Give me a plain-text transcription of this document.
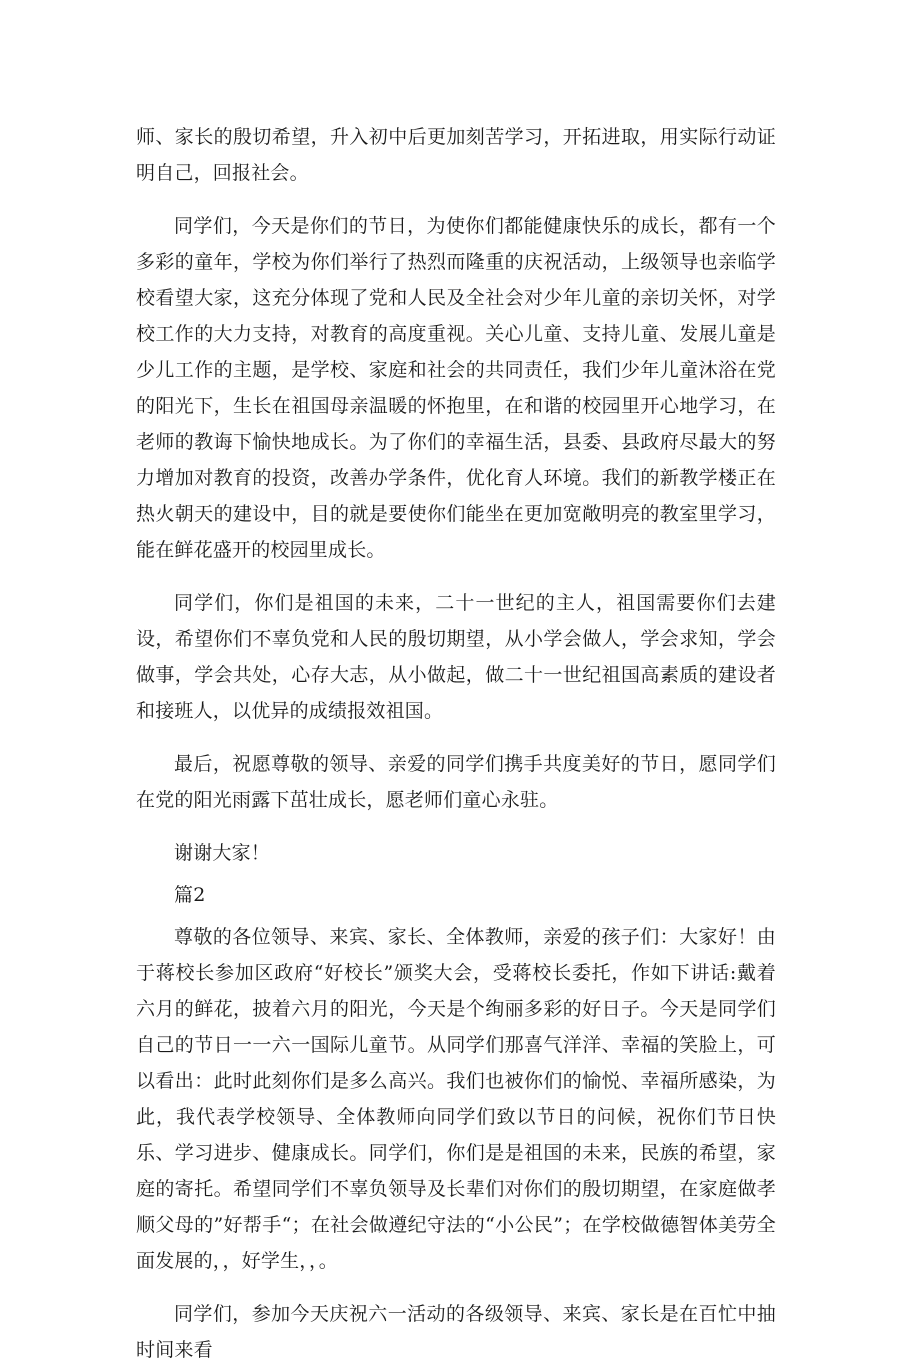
师、家长的殷切希望，升入初中后更加刻苦学习，开拓进取，用实际行动证明自己，回报社会。

同学们，今天是你们的节日，为使你们都能健康快乐的成长，都有一个多彩的童年，学校为你们举行了热烈而隆重的庆祝活动，上级领导也亲临学校看望大家，这充分体现了党和人民及全社会对少年儿童的亲切关怀，对学校工作的大力支持，对教育的高度重视。关心儿童、支持儿童、发展儿童是少儿工作的主题，是学校、家庭和社会的共同责任，我们少年儿童沐浴在党的阳光下，生长在祖国母亲温暖的怀抱里，在和谐的校园里开心地学习，在老师的教诲下愉快地成长。为了你们的幸福生活，县委、县政府尽最大的努力增加对教育的投资，改善办学条件，优化育人环境。我们的新教学楼正在热火朝天的建设中，目的就是要使你们能坐在更加宽敞明亮的教室里学习，能在鲜花盛开的校园里成长。

同学们，你们是祖国的未来，二十一世纪的主人，祖国需要你们去建设，希望你们不辜负党和人民的殷切期望，从小学会做人，学会求知，学会做事，学会共处，心存大志，从小做起，做二十一世纪祖国高素质的建设者和接班人，以优异的成绩报效祖国。

最后，祝愿尊敬的领导、亲爱的同学们携手共度美好的节日，愿同学们在党的阳光雨露下茁壮成长，愿老师们童心永驻。

谢谢大家！

篇2

尊敬的各位领导、来宾、家长、全体教师，亲爱的孩子们：大家好！由于蒋校长参加区政府“好校长”颁奖大会，受蒋校长委托，作如下讲话:戴着六月的鲜花，披着六月的阳光，今天是个绚丽多彩的好日子。今天是同学们自己的节日一一六一国际儿童节。从同学们那喜气洋洋、幸福的笑脸上，可以看出：此时此刻你们是多么高兴。我们也被你们的愉悦、幸福所感染，为此，我代表学校领导、全体教师向同学们致以节日的问候，祝你们节日快乐、学习进步、健康成长。同学们，你们是是祖国的未来，民族的希望，家庭的寄托。希望同学们不辜负领导及长辈们对你们的殷切期望，在家庭做孝顺父母的”好帮手“；在社会做遵纪守法的“小公民”；在学校做德智体美劳全面发展的，，好学生，，。

同学们，参加今天庆祝六一活动的各级领导、来宾、家长是在百忙中抽时间来看
